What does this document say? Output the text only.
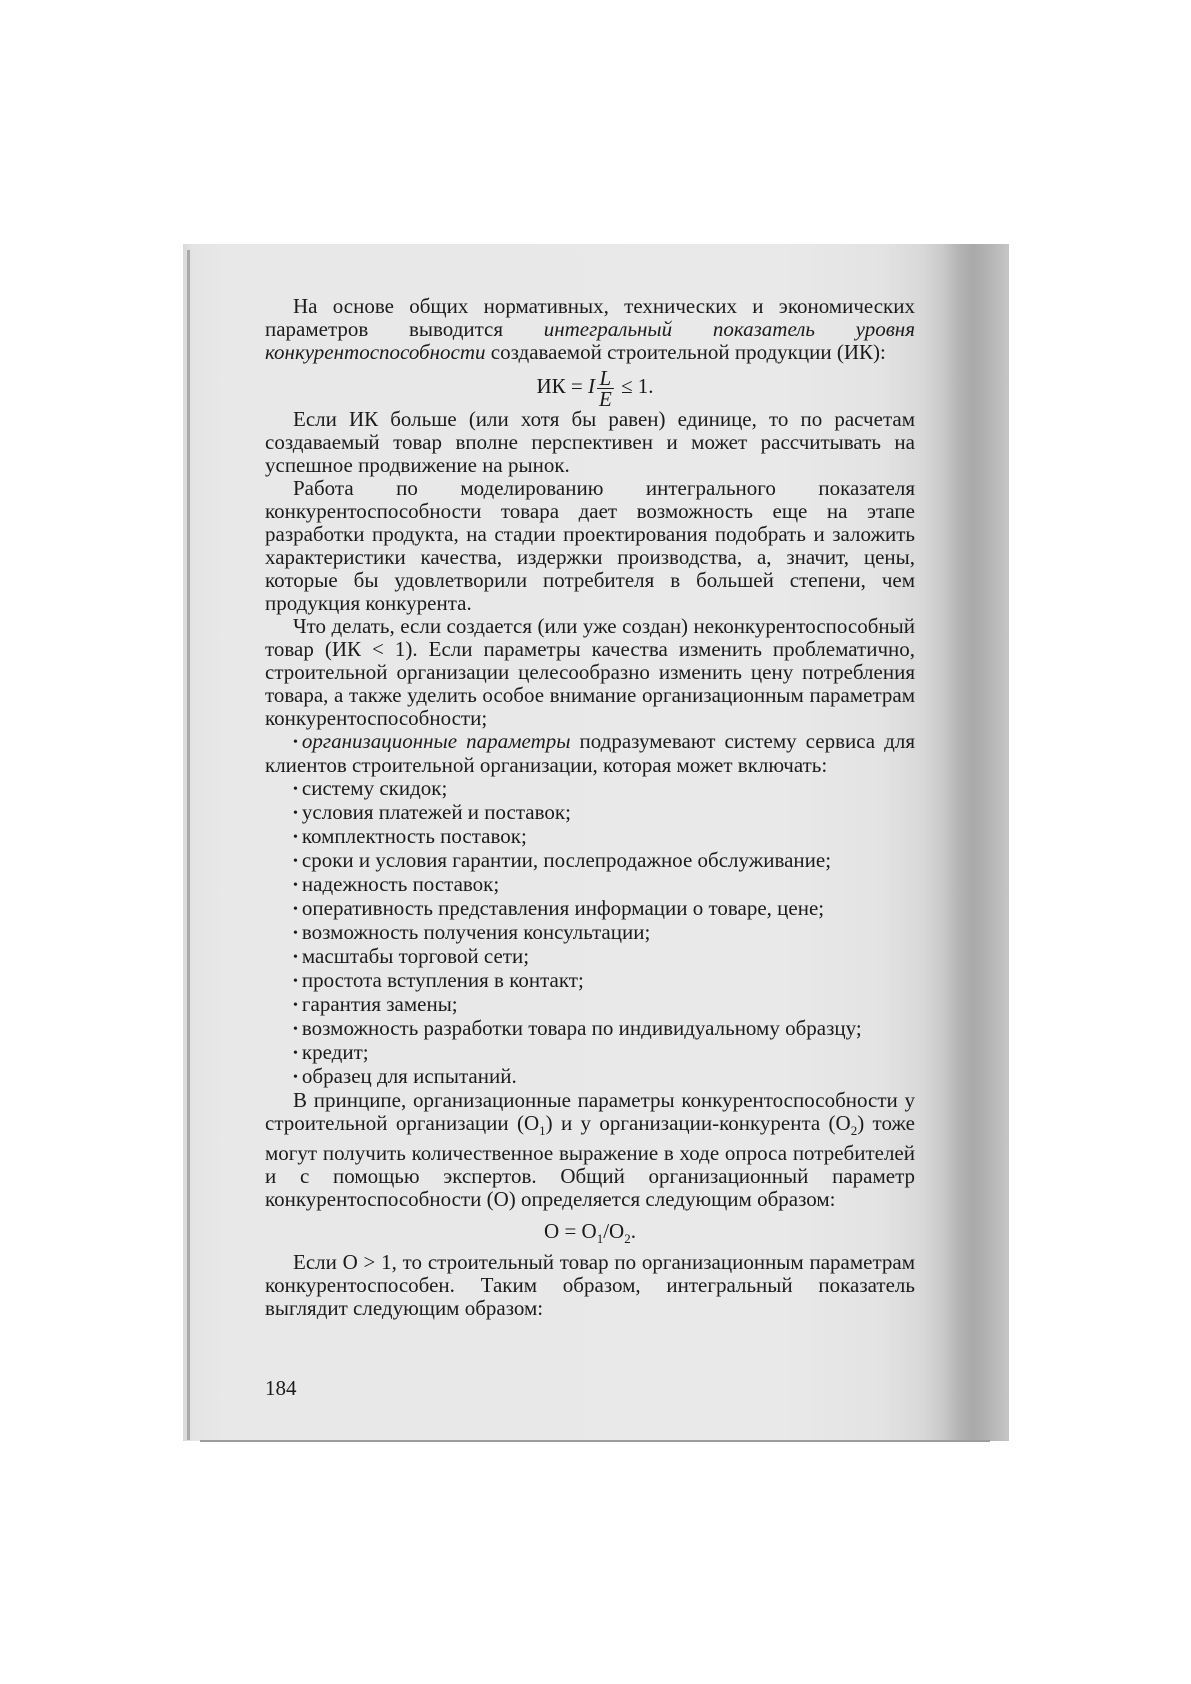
На основе общих нормативных, технических и экономических параметров выводится интегральный показатель уровня конкурентоспособности создаваемой строительной продукции (ИК):

ИК = I $\frac{L}{E} \le 1$.

Если ИК больше (или хотя бы равен) единице, то по расчетам создаваемый товар вполне перспективен и может рассчитывать на успешное продвижение на рынок.

Работа по моделированию интегрального показателя конкурентоспособности товара дает возможность еще на этапе разработки продукта, на стадии проектирования подобрать и заложить характеристики качества, издержки производства, а, значит, цены, которые бы удовлетворили потребителя в большей степени, чем продукция конкурента.

Что делать, если создается (или уже создан) неконкурентоспособный товар (ИК < 1). Если параметры качества изменить проблематично, строительной организации целесообразно изменить цену потребления товара, а также уделить особое внимание организационным параметрам конкурентоспособности;

• организационные параметры подразумевают систему сервиса для клиентов строительной организации, которая может включать:

• систему скидок;
• условия платежей и поставок;
• комплектность поставок;
• сроки и условия гарантии, послепродажное обслуживание;
• надежность поставок;
• оперативность представления информации о товаре, цене;
• возможность получения консультации;
• масштабы торговой сети;
• простота вступления в контакт;
• гарантия замены;
• возможность разработки товара по индивидуальному образцу;
• кредит;
• образец для испытаний.

В принципе, организационные параметры конкурентоспособности у строительной организации $(O_1)$ и у организации-конкурента $(O_2)$ тоже могут получить количественное выражение в ходе опроса потребителей и с помощью экспертов. Общий организационный параметр конкурентоспособности (O) определяется следующим образом:

$O = O_1/O_2$.

Если O > 1, то строительный товар по организационным параметрам конкурентоспособен. Таким образом, интегральный показатель выглядит следующим образом:

184
